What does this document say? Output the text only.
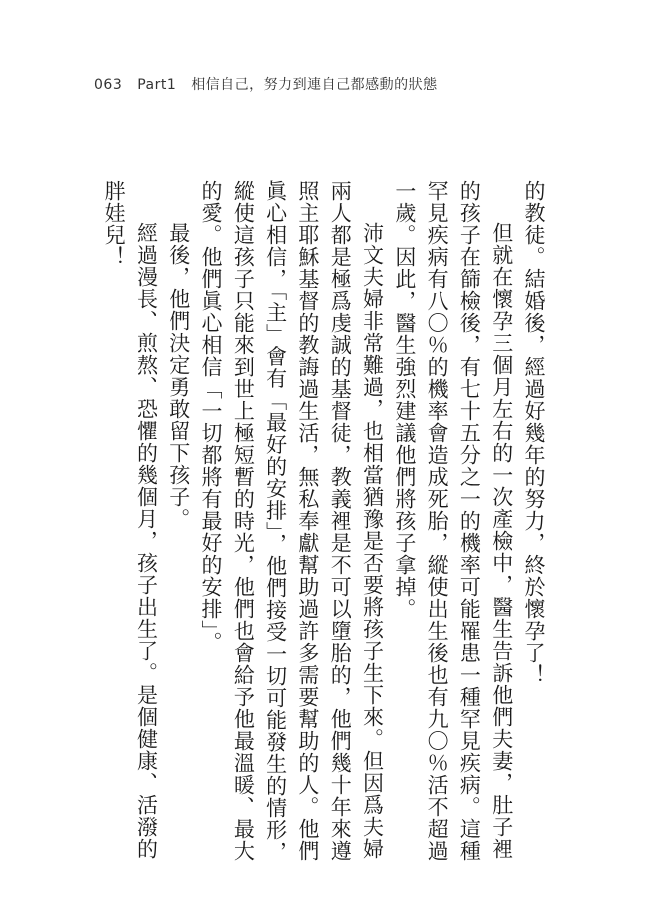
063 Part1 相信自己，努力到連自己都感動的狀態

的教徒。結婚後，經過好幾年的努力，終於懷孕了！

但就在懷孕三個月左右的一次產檢中，醫生告訴他們夫妻，肚子裡的孩子在篩檢後，有七十五分之一的機率可能罹患一種罕見疾病。這種罕見疾病有八〇％的機率會造成死胎，縱使出生後也有九〇％活不超過一歲。因此，醫生強烈建議他們將孩子拿掉。

沛文夫婦非常難過，也相當猶豫是否要將孩子生下來。但因爲夫婦兩人都是極爲虔誠的基督徒，教義裡是不可以墮胎的，他們幾十年來遵照主耶穌基督的教誨過生活，無私奉獻幫助過許多需要幫助的人。他們眞心相信，「主」會有「最好的安排」，他們接受一切可能發生的情形，縱使這孩子只能來到世上極短暫的時光，他們也會給予他最溫暖、最大的愛。他們眞心相信「一切都將有最好的安排」。

最後，他們決定勇敢留下孩子。

經過漫長、煎熬、恐懼的幾個月，孩子出生了。是個健康、活潑的胖娃兒！
